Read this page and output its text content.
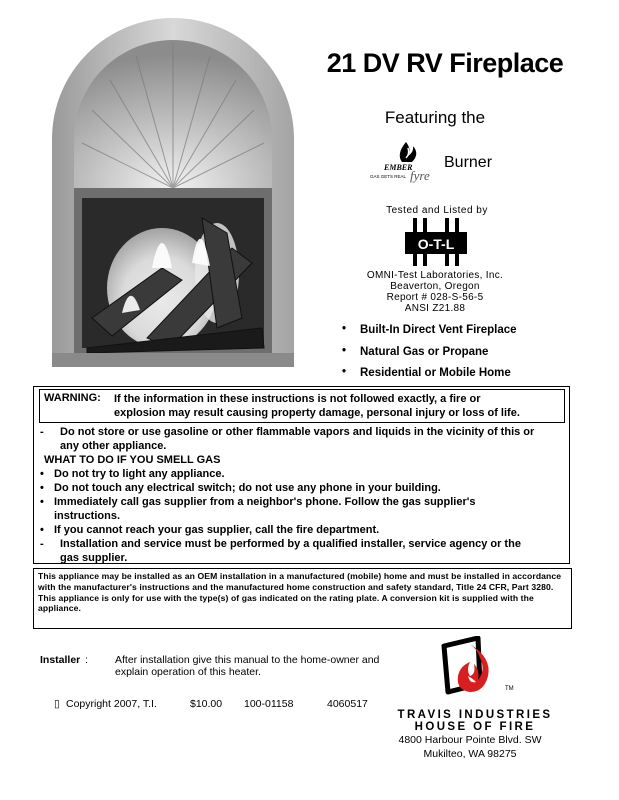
21 DV RV Fireplace
Featuring the
EMBER
fyre
GAS GETS REAL
Burner
Tested and Listed by
O-T-L
OMNI-Test Laboratories, Inc.
Beaverton, Oregon
Report # 028-S-56-5
ANSI Z21.88
• Built-In Direct Vent Fireplace
• Natural Gas or Propane
• Residential or Mobile Home
WARNING: If the information in these instructions is not followed exactly, a fire or
explosion may result causing property damage, personal injury or loss of life.
-	Do not store or use gasoline or other flammable vapors and liquids in the vicinity of this or
any other appliance.
WHAT TO DO IF YOU SMELL GAS
• Do not try to light any appliance.
• Do not touch any electrical switch; do not use any phone in your building.
• Immediately call gas supplier from a neighbor's phone. Follow the gas supplier's
instructions.
• If you cannot reach your gas supplier, call the fire department.
-	Installation and service must be performed by a qualified installer, service agency or the
gas supplier.

This appliance may be installed as an OEM installation in a manufactured (mobile) home and must be installed in accordance with the manufacturer's instructions and the manufactured home construction and safety standard, Title 24 CFR, Part 3280.

This appliance is only for use with the type(s) of gas indicated on the rating plate. A conversion kit is supplied with the appliance.

Installer :	After installation give this manual to the home-owner and explain operation of this heater.
▯ Copyright 2007, T.I.	$10.00 100-01158	4060517
TM
TRAVIS INDUSTRIES
HOUSE OF FIRE
4800 Harbour Pointe Blvd. SW
Mukilteo, WA 98275
